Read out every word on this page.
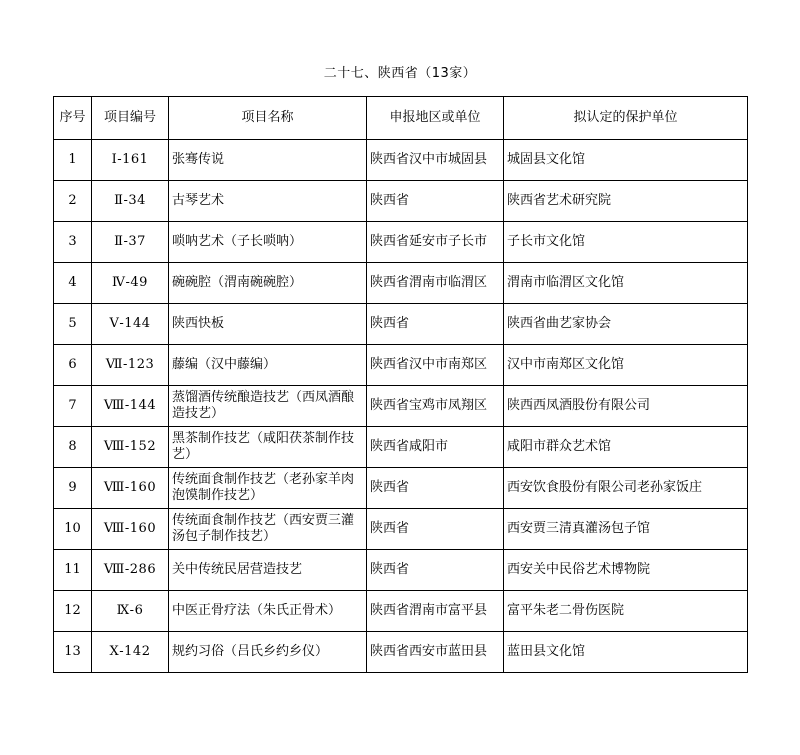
二十七、陕西省（13家）
序号	项目编号	项目名称	申报地区或单位	拟认定的保护单位
1	Ⅰ-161	张骞传说	陕西省汉中市城固县	城固县文化馆
2	Ⅱ-34	古琴艺术	陕西省	陕西省艺术研究院
3	Ⅱ-37	唢呐艺术（子长唢呐）	陕西省延安市子长市	子长市文化馆
4	Ⅳ-49	碗碗腔（渭南碗碗腔）	陕西省渭南市临渭区	渭南市临渭区文化馆
5	Ⅴ-144	陕西快板	陕西省	陕西省曲艺家协会
6	Ⅶ-123	藤编（汉中藤编）	陕西省汉中市南郑区	汉中市南郑区文化馆
7	Ⅷ-144	蒸馏酒传统酿造技艺（西凤酒酿造技艺）	陕西省宝鸡市凤翔区	陕西西凤酒股份有限公司
8	Ⅷ-152	黑茶制作技艺（咸阳茯茶制作技艺）	陕西省咸阳市	咸阳市群众艺术馆
9	Ⅷ-160	传统面食制作技艺（老孙家羊肉泡馍制作技艺）	陕西省	西安饮食股份有限公司老孙家饭庄
10	Ⅷ-160	传统面食制作技艺（西安贾三灌汤包子制作技艺）	陕西省	西安贾三清真灌汤包子馆
11	Ⅷ-286	关中传统民居营造技艺	陕西省	西安关中民俗艺术博物院
12	Ⅸ-6	中医正骨疗法（朱氏正骨术）	陕西省渭南市富平县	富平朱老二骨伤医院
13	Ⅹ-142	规约习俗（吕氏乡约乡仪）	陕西省西安市蓝田县	蓝田县文化馆
